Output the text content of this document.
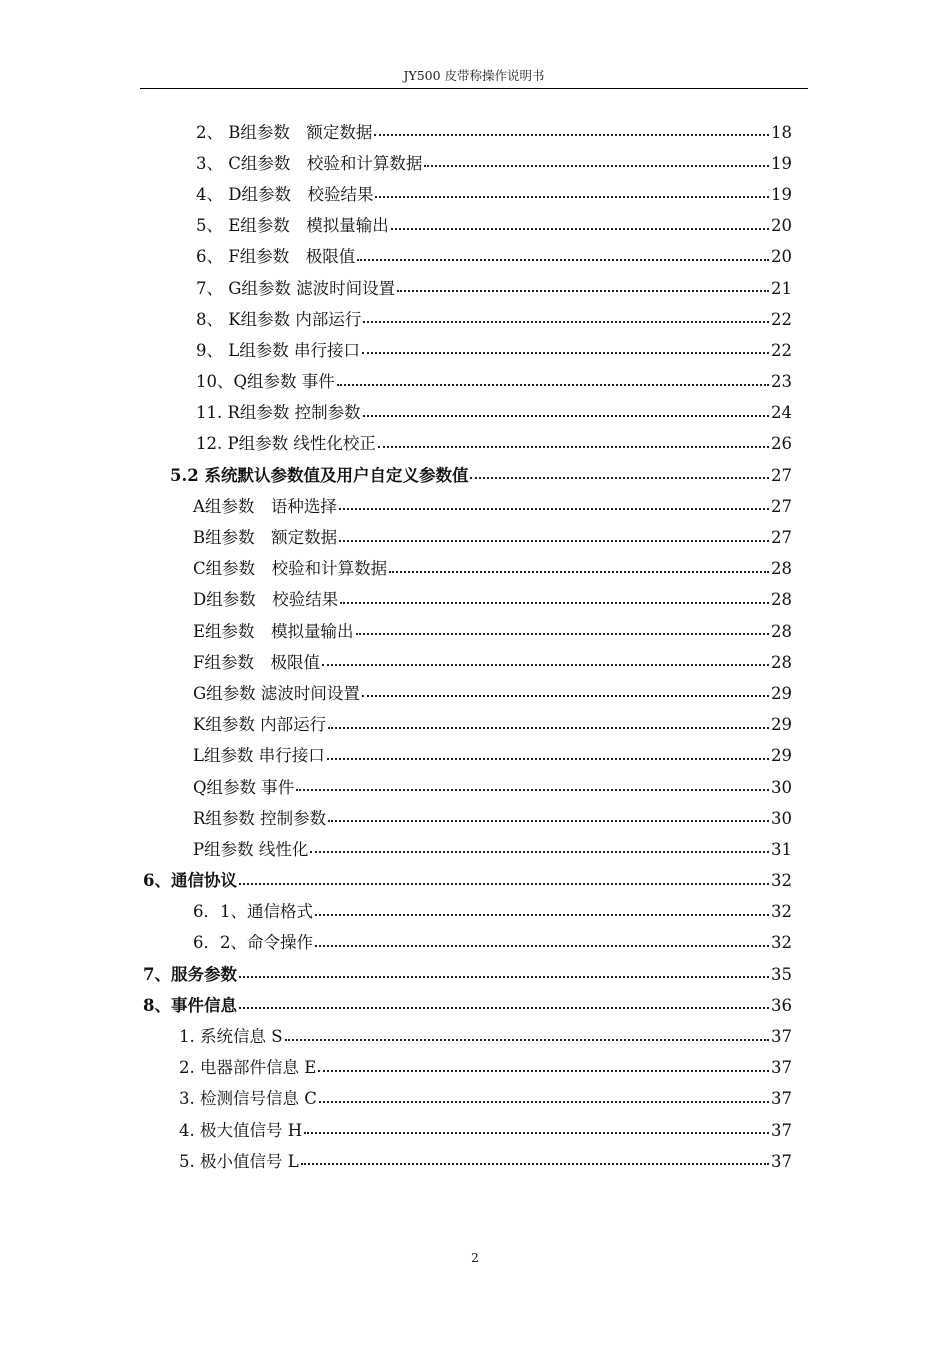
JY500 皮带称操作说明书
2、 B组参数　额定数据	18
3、 C组参数　校验和计算数据	19
4、 D组参数　校验结果	19
5、 E组参数　模拟量输出	20
6、 F组参数　极限值	20
7、 G组参数 滤波时间设置	21
8、 K组参数 内部运行	22
9、 L组参数 串行接口	22
10、Q组参数 事件	23
11. R组参数 控制参数	24
12. P组参数 线性化校正	26
5.2 系统默认参数值及用户自定义参数值	27
A组参数　语种选择	27
B组参数　额定数据	27
C组参数　校验和计算数据	28
D组参数　校验结果	28
E组参数　模拟量输出	28
F组参数　极限值	28
G组参数 滤波时间设置	29
K组参数 内部运行	29
L组参数 串行接口	29
Q组参数 事件	30
R组参数 控制参数	30
P组参数 线性化	31
6、通信协议	32
6．1、通信格式	32
6．2、命令操作	32
7、服务参数	35
8、事件信息	36
1. 系统信息 S	37
2. 电器部件信息 E	37
3. 检测信号信息 C	37
4. 极大值信号 H	37
5. 极小值信号 L	37
2
